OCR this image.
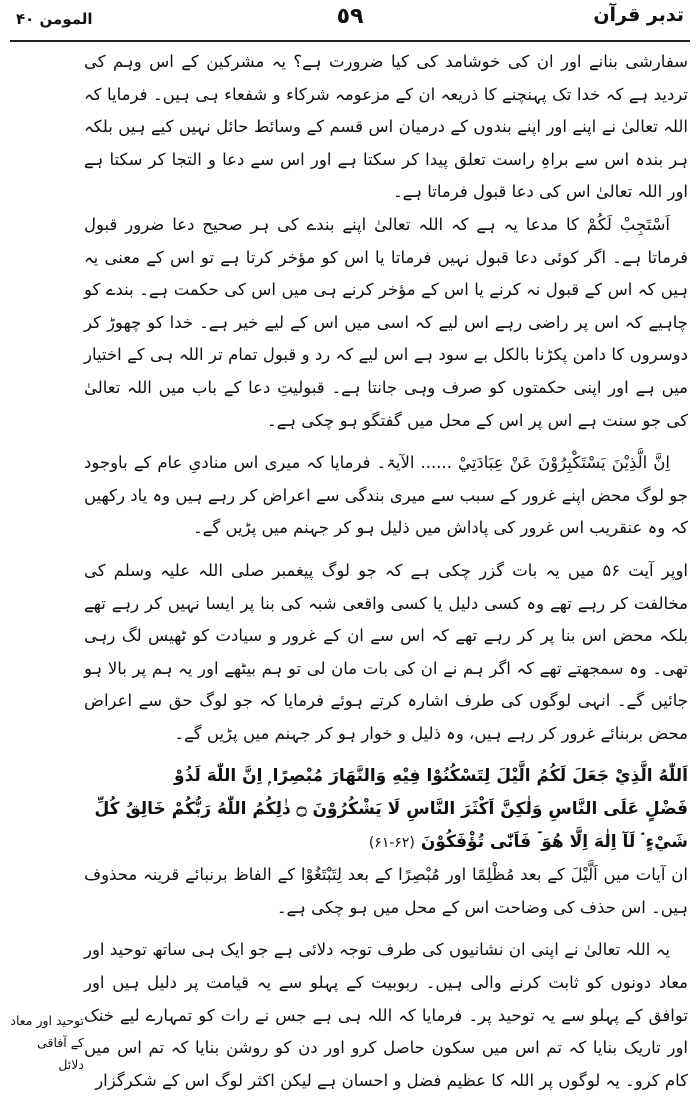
المومن ۴۰	٥٩	تدبر قرآن

سفارشی بنانے اور ان کی خوشامد کی کیا ضرورت ہے؟ یہ مشرکین کے اس وہم کی تردید ہے کہ خدا تک پہنچنے کا ذریعہ ان کے مزعومہ شرکاء و شفعاء ہی ہیں۔ فرمایا کہ اللہ تعالیٰ نے اپنے اور اپنے بندوں کے درمیان اس قسم کے وسائط حائل نہیں کیے ہیں بلکہ ہر بندہ اس سے براہِ راست تعلق پیدا کر سکتا ہے اور اس سے دعا و التجا کر سکتا ہے اور اللہ تعالیٰ اس کی دعا قبول فرماتا ہے۔

اَسْتَجِبْ لَكُمْ کا مدعا یہ ہے کہ اللہ تعالیٰ اپنے بندے کی ہر صحیح دعا ضرور قبول فرماتا ہے۔ اگر کوئی دعا قبول نہیں فرماتا یا اس کو مؤخر کرتا ہے تو اس کے معنی یہ ہیں کہ اس کے قبول نہ کرنے یا اس کے مؤخر کرنے ہی میں اس کی حکمت ہے۔ بندے کو چاہیے کہ اس پر راضی رہے اس لیے کہ اسی میں اس کے لیے خیر ہے۔ خدا کو چھوڑ کر دوسروں کا دامن پکڑنا بالکل بے سود ہے اس لیے کہ رد و قبول تمام تر اللہ ہی کے اختیار میں ہے اور اپنی حکمتوں کو صرف وہی جانتا ہے۔ قبولیتِ دعا کے باب میں اللہ تعالیٰ کی جو سنت ہے اس پر اس کے محل میں گفتگو ہو چکی ہے۔

اِنَّ الَّذِيْنَ يَسْتَكْبِرُوْنَ عَنْ عِبَادَتِيْ ...... الآیۃ۔ فرمایا کہ میری اس منادیِ عام کے باوجود جو لوگ محض اپنے غرور کے سبب سے میری بندگی سے اعراض کر رہے ہیں وہ یاد رکھیں کہ وہ عنقریب اس غرور کی پاداش میں ذلیل ہو کر جہنم میں پڑیں گے۔

اوپر آیت ۵۶ میں یہ بات گزر چکی ہے کہ جو لوگ پیغمبر صلی اللہ علیہ وسلم کی مخالفت کر رہے تھے وہ کسی دلیل یا کسی واقعی شبہ کی بنا پر ایسا نہیں کر رہے تھے بلکہ محض اس بنا پر کر رہے تھے کہ اس سے ان کے غرور و سیادت کو ٹھیس لگ رہی تھی۔ وہ سمجھتے تھے کہ اگر ہم نے ان کی بات مان لی تو ہم بیٹھے اور یہ ہم پر بالا ہو جائیں گے۔ انہی لوگوں کی طرف اشارہ کرتے ہوئے فرمایا کہ جو لوگ حق سے اعراض محض بربنائے غرور کر رہے ہیں، وہ ذلیل و خوار ہو کر جہنم میں پڑیں گے۔

اَللّٰهُ الَّذِيْ جَعَلَ لَكُمُ الَّيْلَ لِتَسْكُنُوْا فِيْهِ وَالنَّهَارَ مُبْصِرًا ۭ اِنَّ اللّٰهَ لَذُوْ

فَضْلٍ عَلَى النَّاسِ وَلٰكِنَّ اَكْثَرَ النَّاسِ لَا يَشْكُرُوْنَ ۝ ذٰلِكُمُ اللّٰهُ رَبُّكُمْ خَالِقُ كُلِّ

شَيْءٍ ۘ لَآ اِلٰهَ اِلَّا هُوَ ۡ فَاَنّٰى تُؤْفَكُوْنَ (۶۱-۶۲)

ان آیات میں اَلَّيْلَ کے بعد مُظْلِمًا اور مُبْصِرًا کے بعد لِتَبْتَغُوْا کے الفاظ برنبائے قرینہ محذوف ہیں۔ اس حذف کی وضاحت اس کے محل میں ہو چکی ہے۔

یہ اللہ تعالیٰ نے اپنی ان نشانیوں کی طرف توجہ دلائی ہے جو ایک ہی ساتھ توحید اور معاد دونوں کو ثابت کرنے والی ہیں۔ ربوبیت کے پہلو سے یہ قیامت پر دلیل ہیں اور توافق کے پہلو سے یہ توحید پر۔ فرمایا کہ اللہ ہی ہے جس نے رات کو تمہارے لیے خنک اور تاریک بنایا کہ تم اس میں سکون حاصل کرو اور دن کو روشن بنایا کہ تم اس میں کام کرو۔ یہ لوگوں پر اللہ کا عظیم فضل و احسان ہے لیکن اکثر لوگ اس کے شکرگزار

توحید اور معاد کے آفاقی دلائل
